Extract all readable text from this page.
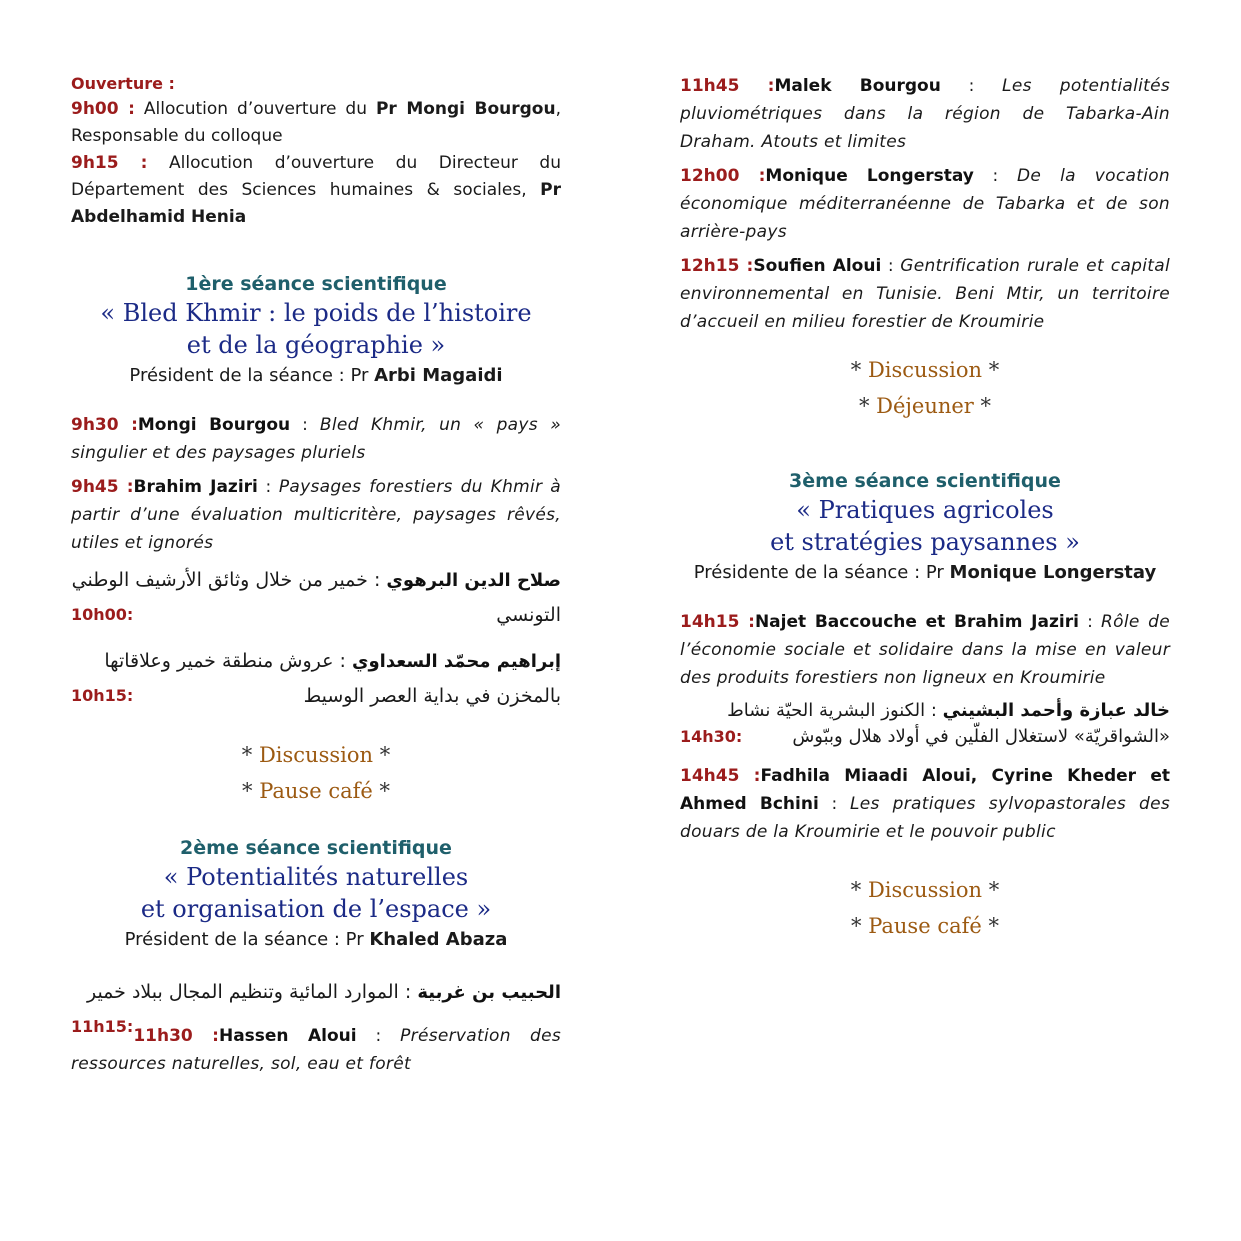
Ouverture :

9h00 : Allocution d’ouverture du Pr Mongi Bourgou, Responsable du colloque

9h15 : Allocution d’ouverture du Directeur du Département des Sciences humaines & sociales, Pr Abdelhamid Henia

1ère séance scientifique
« Bled Khmir : le poids de l’histoire
et de la géographie »
Président de la séance : Pr Arbi Magaidi

9h30 :Mongi Bourgou : Bled Khmir, un « pays » singulier et des paysages pluriels

9h45 :Brahim Jaziri : Paysages forestiers du Khmir à partir d’une évaluation multicritère, paysages rêvés, utiles et ignorés

صلاح الدين البرهوي : خمير من خلال وثائق الأرشيف الوطني التونسي
10h00:

إبراهيم محمّد السعداوي : عروش منطقة خمير وعلاقاتها بالمخزن في بداية العصر الوسيط
10h15:

* Discussion *
* Pause café *
2ème séance scientifique
« Potentialités naturelles
et organisation de l’espace »
Président de la séance : Pr Khaled Abaza

الحبيب بن غربية : الموارد المائية وتنظيم المجال ببلاد خمير
11h15: 11h30 :Hassen Aloui : Préservation des ressources naturelles, sol, eau et forêt

11h45 :Malek Bourgou : Les potentialités pluviométriques dans la région de Tabarka-Ain Draham. Atouts et limites

12h00 :Monique Longerstay : De la vocation économique méditerranéenne de Tabarka et de son arrière-pays

12h15 :Soufien Aloui : Gentrification rurale et capital environnemental en Tunisie. Beni Mtir, un territoire d’accueil en milieu forestier de Kroumirie

* Discussion *
* Déjeuner *
3ème séance scientifique
« Pratiques agricoles
et stratégies paysannes »
Présidente de la séance : Pr Monique Longerstay

14h15 :Najet Baccouche et Brahim Jaziri : Rôle de l’économie sociale et solidaire dans la mise en valeur des produits forestiers non ligneux en Kroumirie

خالد عبازة وأحمد البشيني : الكنوز البشرية الحيّة نشاط «الشواقريّة» لاستغلال الفلّين في أولاد هلال وببّوش
14h30:

14h45 :Fadhila Miaadi Aloui, Cyrine Kheder et Ahmed Bchini : Les pratiques sylvopastorales des douars de la Kroumirie et le pouvoir public

* Discussion *
* Pause café *
